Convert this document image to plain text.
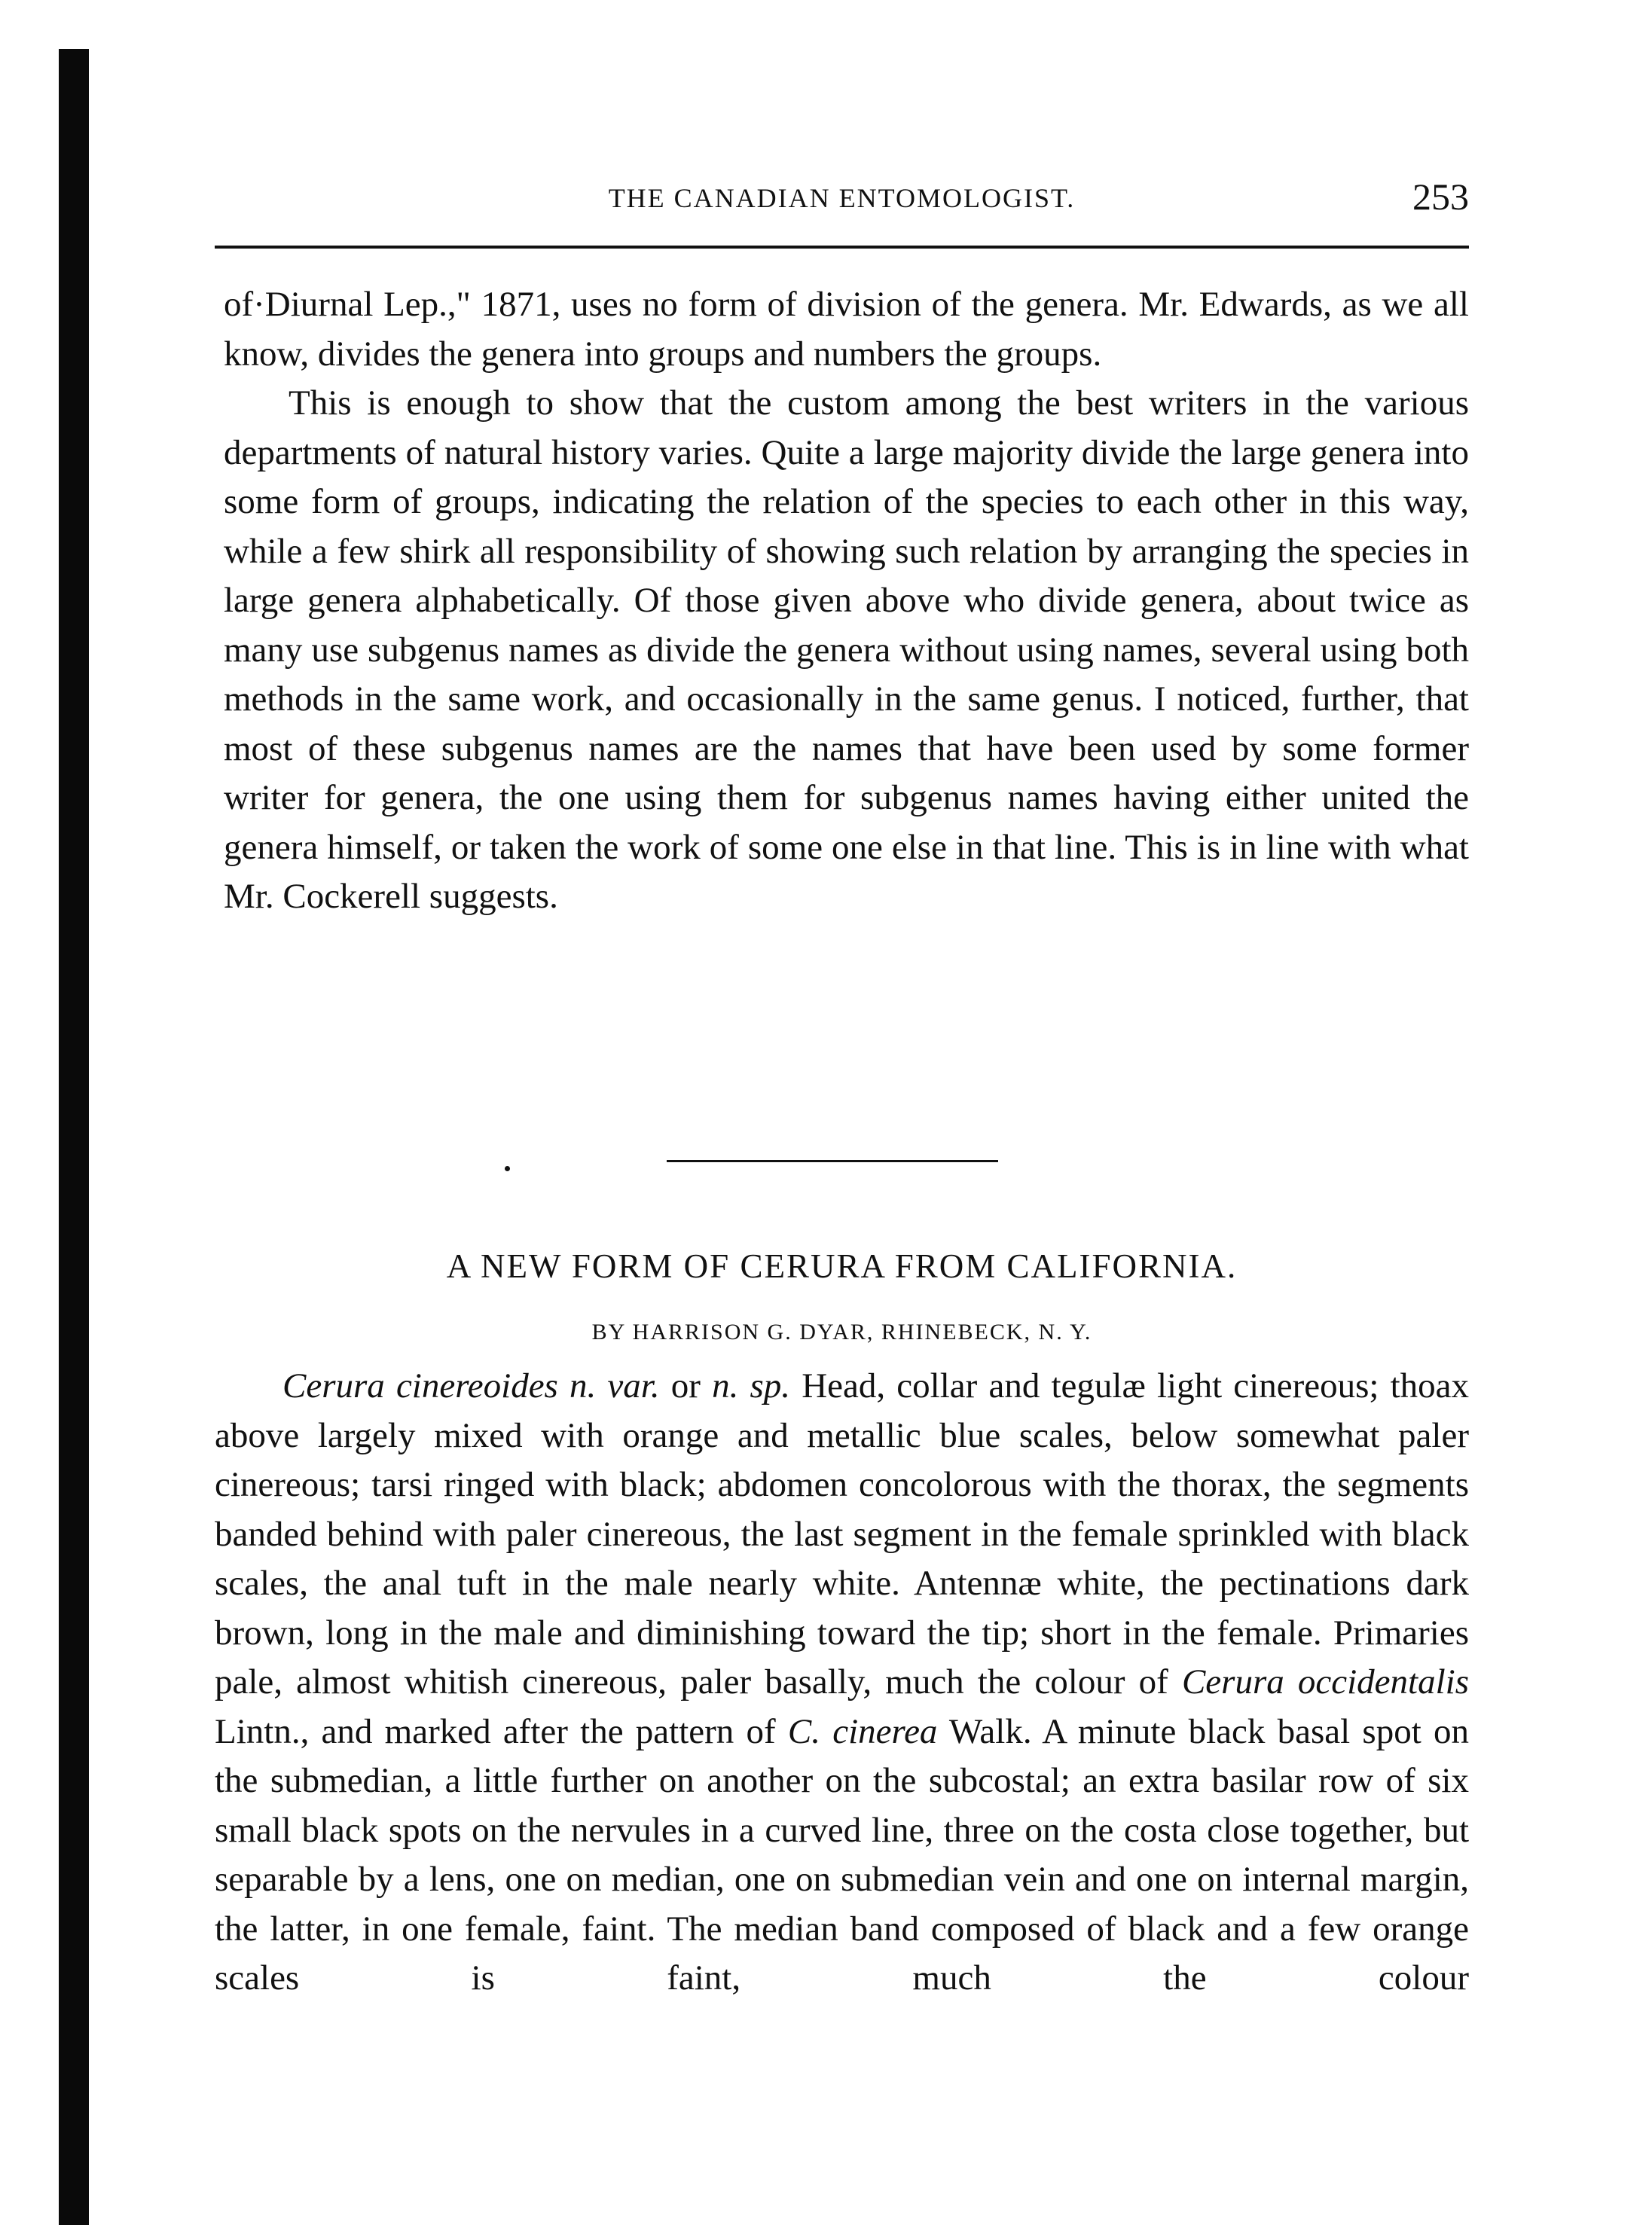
THE CANADIAN ENTOMOLOGIST.	253

of·Diurnal Lep.," 1871, uses no form of division of the genera. Mr. Edwards, as we all know, divides the genera into groups and numbers the groups.

This is enough to show that the custom among the best writers in the various departments of natural history varies. Quite a large majority divide the large genera into some form of groups, indicating the relation of the species to each other in this way, while a few shirk all responsibility of showing such relation by arranging the species in large genera alphabetically. Of those given above who divide genera, about twice as many use subgenus names as divide the genera without using names, several using both methods in the same work, and occasionally in the same genus. I noticed, further, that most of these subgenus names are the names that have been used by some former writer for genera, the one using them for subgenus names having either united the genera himself, or taken the work of some one else in that line. This is in line with what Mr. Cockerell suggests.

A NEW FORM OF CERURA FROM CALIFORNIA.
BY HARRISON G. DYAR, RHINEBECK, N. Y.

Cerura cinereoides n. var. or n. sp. Head, collar and tegulæ light cinereous; thoax above largely mixed with orange and metallic blue scales, below somewhat paler cinereous; tarsi ringed with black; abdomen concolorous with the thorax, the segments banded behind with paler cinereous, the last segment in the female sprinkled with black scales, the anal tuft in the male nearly white. Antennæ white, the pectinations dark brown, long in the male and diminishing toward the tip; short in the female. Primaries pale, almost whitish cinereous, paler basally, much the colour of Cerura occidentalis Lintn., and marked after the pattern of C. cinerea Walk. A minute black basal spot on the submedian, a little further on another on the subcostal; an extra basilar row of six small black spots on the nervules in a curved line, three on the costa close together, but separable by a lens, one on median, one on submedian vein and one on internal margin, the latter, in one female, faint. The median band composed of black and a few orange scales is faint, much the colour
